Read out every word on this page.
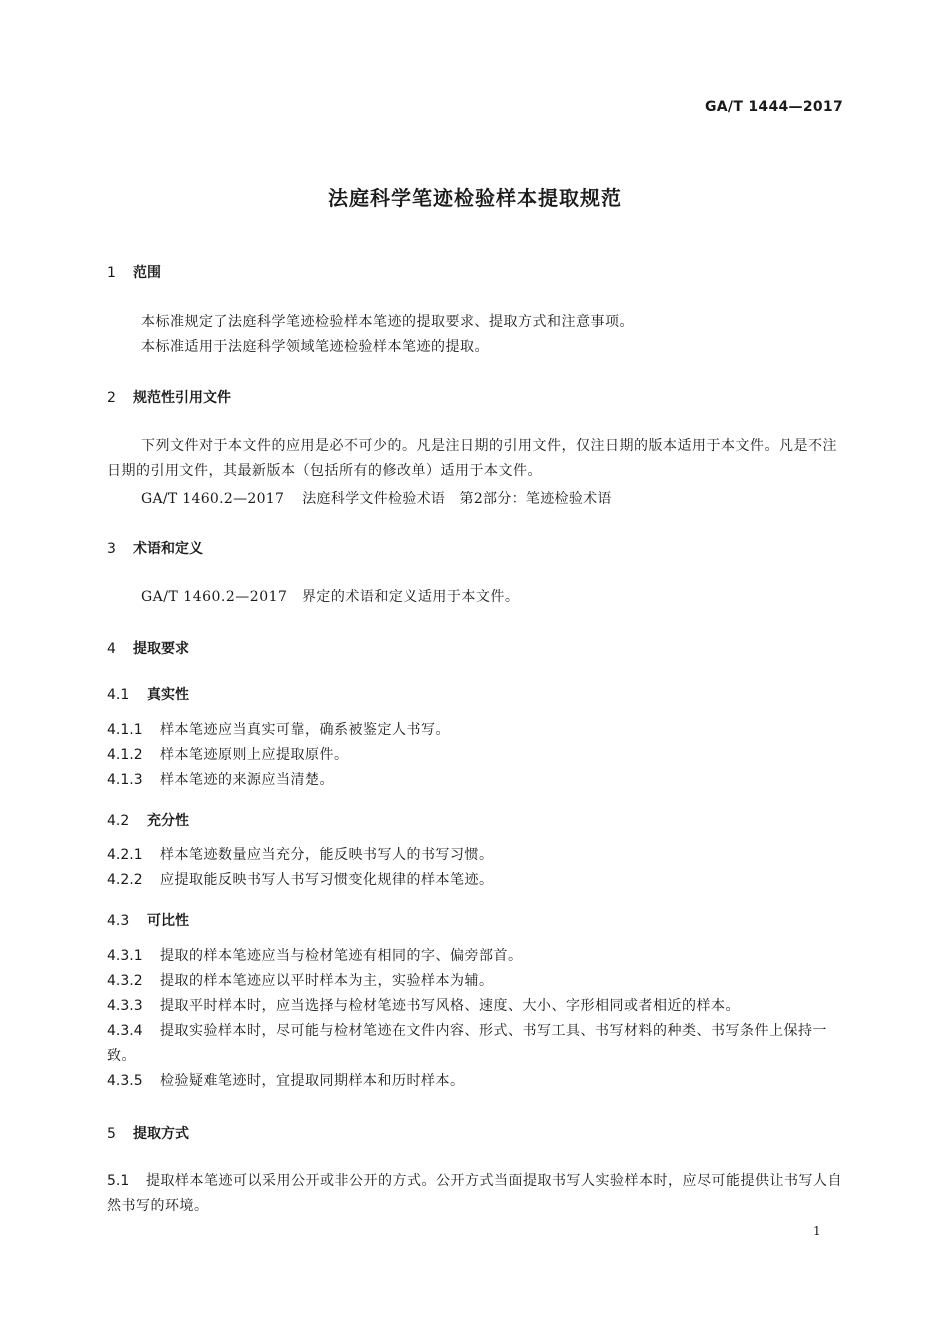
GA/T 1444—2017
法庭科学笔迹检验样本提取规范
1 范围
本标准规定了法庭科学笔迹检验样本笔迹的提取要求、提取方式和注意事项。
本标准适用于法庭科学领域笔迹检验样本笔迹的提取。
2 规范性引用文件
下列文件对于本文件的应用是必不可少的。凡是注日期的引用文件，仅注日期的版本适用于本文件。凡是不注日期的引用文件，其最新版本（包括所有的修改单）适用于本文件。
GA/T 1460.2—2017 法庭科学文件检验术语　第2部分：笔迹检验术语
3 术语和定义
GA/T 1460.2—2017　界定的术语和定义适用于本文件。
4 提取要求
4.1 真实性
4.1.1 样本笔迹应当真实可靠，确系被鉴定人书写。
4.1.2 样本笔迹原则上应提取原件。
4.1.3 样本笔迹的来源应当清楚。
4.2 充分性
4.2.1 样本笔迹数量应当充分，能反映书写人的书写习惯。
4.2.2 应提取能反映书写人书写习惯变化规律的样本笔迹。
4.3 可比性
4.3.1 提取的样本笔迹应当与检材笔迹有相同的字、偏旁部首。
4.3.2 提取的样本笔迹应以平时样本为主，实验样本为辅。
4.3.3 提取平时样本时，应当选择与检材笔迹书写风格、速度、大小、字形相同或者相近的样本。
4.3.4 提取实验样本时，尽可能与检材笔迹在文件内容、形式、书写工具、书写材料的种类、书写条件上保持一致。
4.3.5 检验疑难笔迹时，宜提取同期样本和历时样本。
5 提取方式
5.1 提取样本笔迹可以采用公开或非公开的方式。公开方式当面提取书写人实验样本时，应尽可能提供让书写人自然书写的环境。
1
